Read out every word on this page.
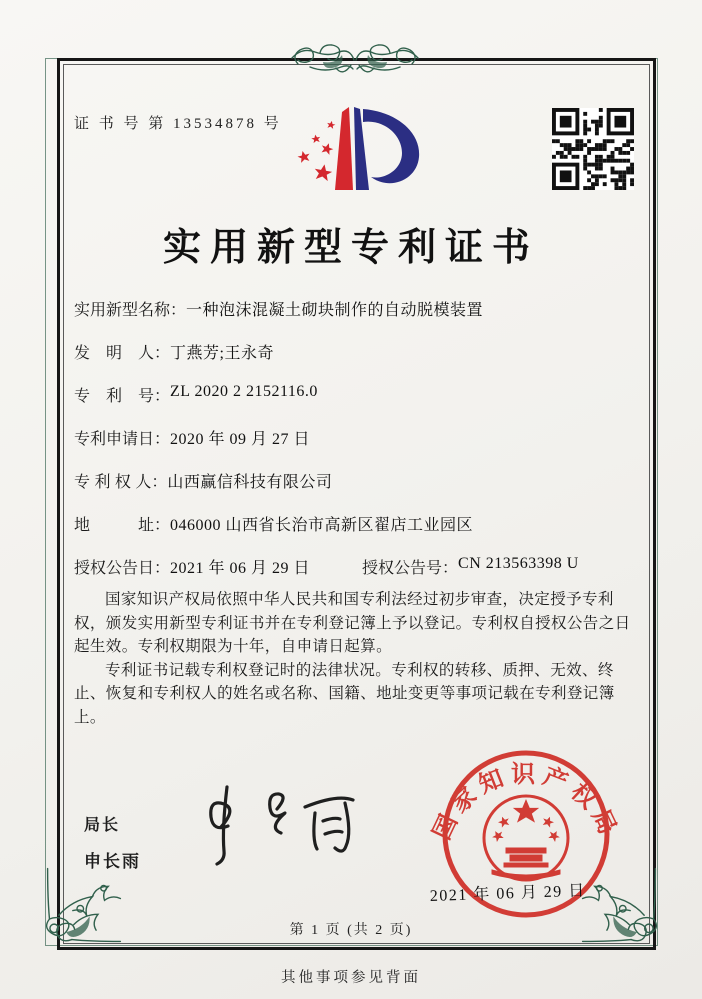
证 书 号 第 13534878 号
实用新型专利证书
实用新型名称： 一种泡沫混凝土砌块制作的自动脱模装置
发　明　人： 丁燕芳;王永奇
专　利　号： ZL 2020 2 2152116.0
专利申请日： 2020 年 09 月 27 日
专 利 权 人： 山西赢信科技有限公司
地　　　址： 046000 山西省长治市高新区翟店工业园区
授权公告日： 2021 年 06 月 29 日	授权公告号： CN 213563398 U

国家知识产权局依照中华人民共和国专利法经过初步审查，决定授予专利权，颁发实用新型专利证书并在专利登记簿上予以登记。专利权自授权公告之日起生效。专利权期限为十年，自申请日起算。

专利证书记载专利权登记时的法律状况。专利权的转移、质押、无效、终止、恢复和专利权人的姓名或名称、国籍、地址变更等事项记载在专利登记簿上。

局长
申长雨
国家知识产权局
2021 年 06 月 29 日
第 1 页 (共 2 页)
其他事项参见背面
